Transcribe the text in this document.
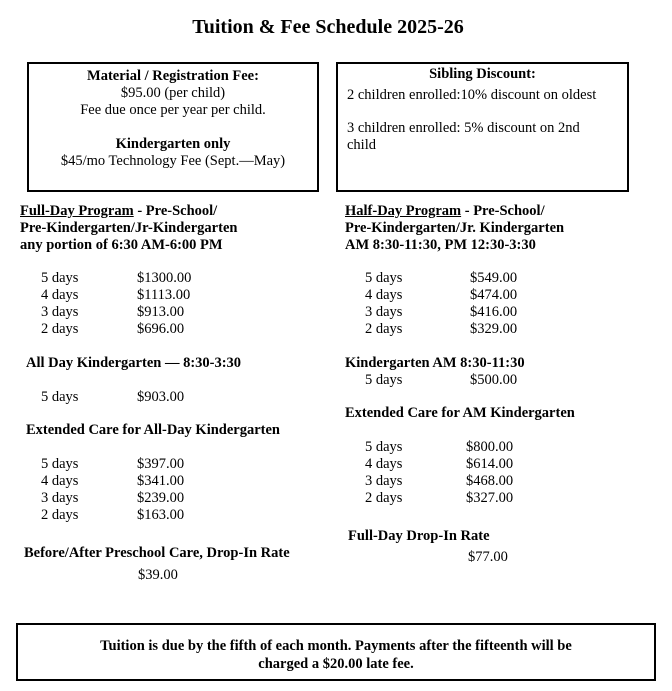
Tuition & Fee Schedule 2025-26
Material / Registration Fee:
$95.00 (per child)
Fee due once per year per child.
Kindergarten only
$45/mo Technology Fee (Sept.—May)
Sibling Discount:
2 children enrolled:10% discount on oldest
3 children enrolled: 5% discount on 2nd
child
Full-Day Program - Pre-School/
Pre-Kindergarten/Jr-Kindergarten
any portion of 6:30 AM-6:00 PM
5 days	$1300.00
4 days	$1113.00
3 days	$913.00
2 days	$696.00
All Day Kindergarten — 8:30-3:30
5 days	$903.00
Extended Care for All-Day Kindergarten
5 days	$397.00
4 days	$341.00
3 days	$239.00
2 days	$163.00
Before/After Preschool Care, Drop-In Rate
$39.00
Half-Day Program - Pre-School/
Pre-Kindergarten/Jr. Kindergarten
AM 8:30-11:30, PM 12:30-3:30
5 days	$549.00
4 days	$474.00
3 days	$416.00
2 days	$329.00
Kindergarten AM 8:30-11:30
5 days	$500.00
Extended Care for AM Kindergarten
5 days	$800.00
4 days	$614.00
3 days	$468.00
2 days	$327.00
Full-Day Drop-In Rate
$77.00
Tuition is due by the fifth of each month. Payments after the fifteenth will be
charged a $20.00 late fee.
